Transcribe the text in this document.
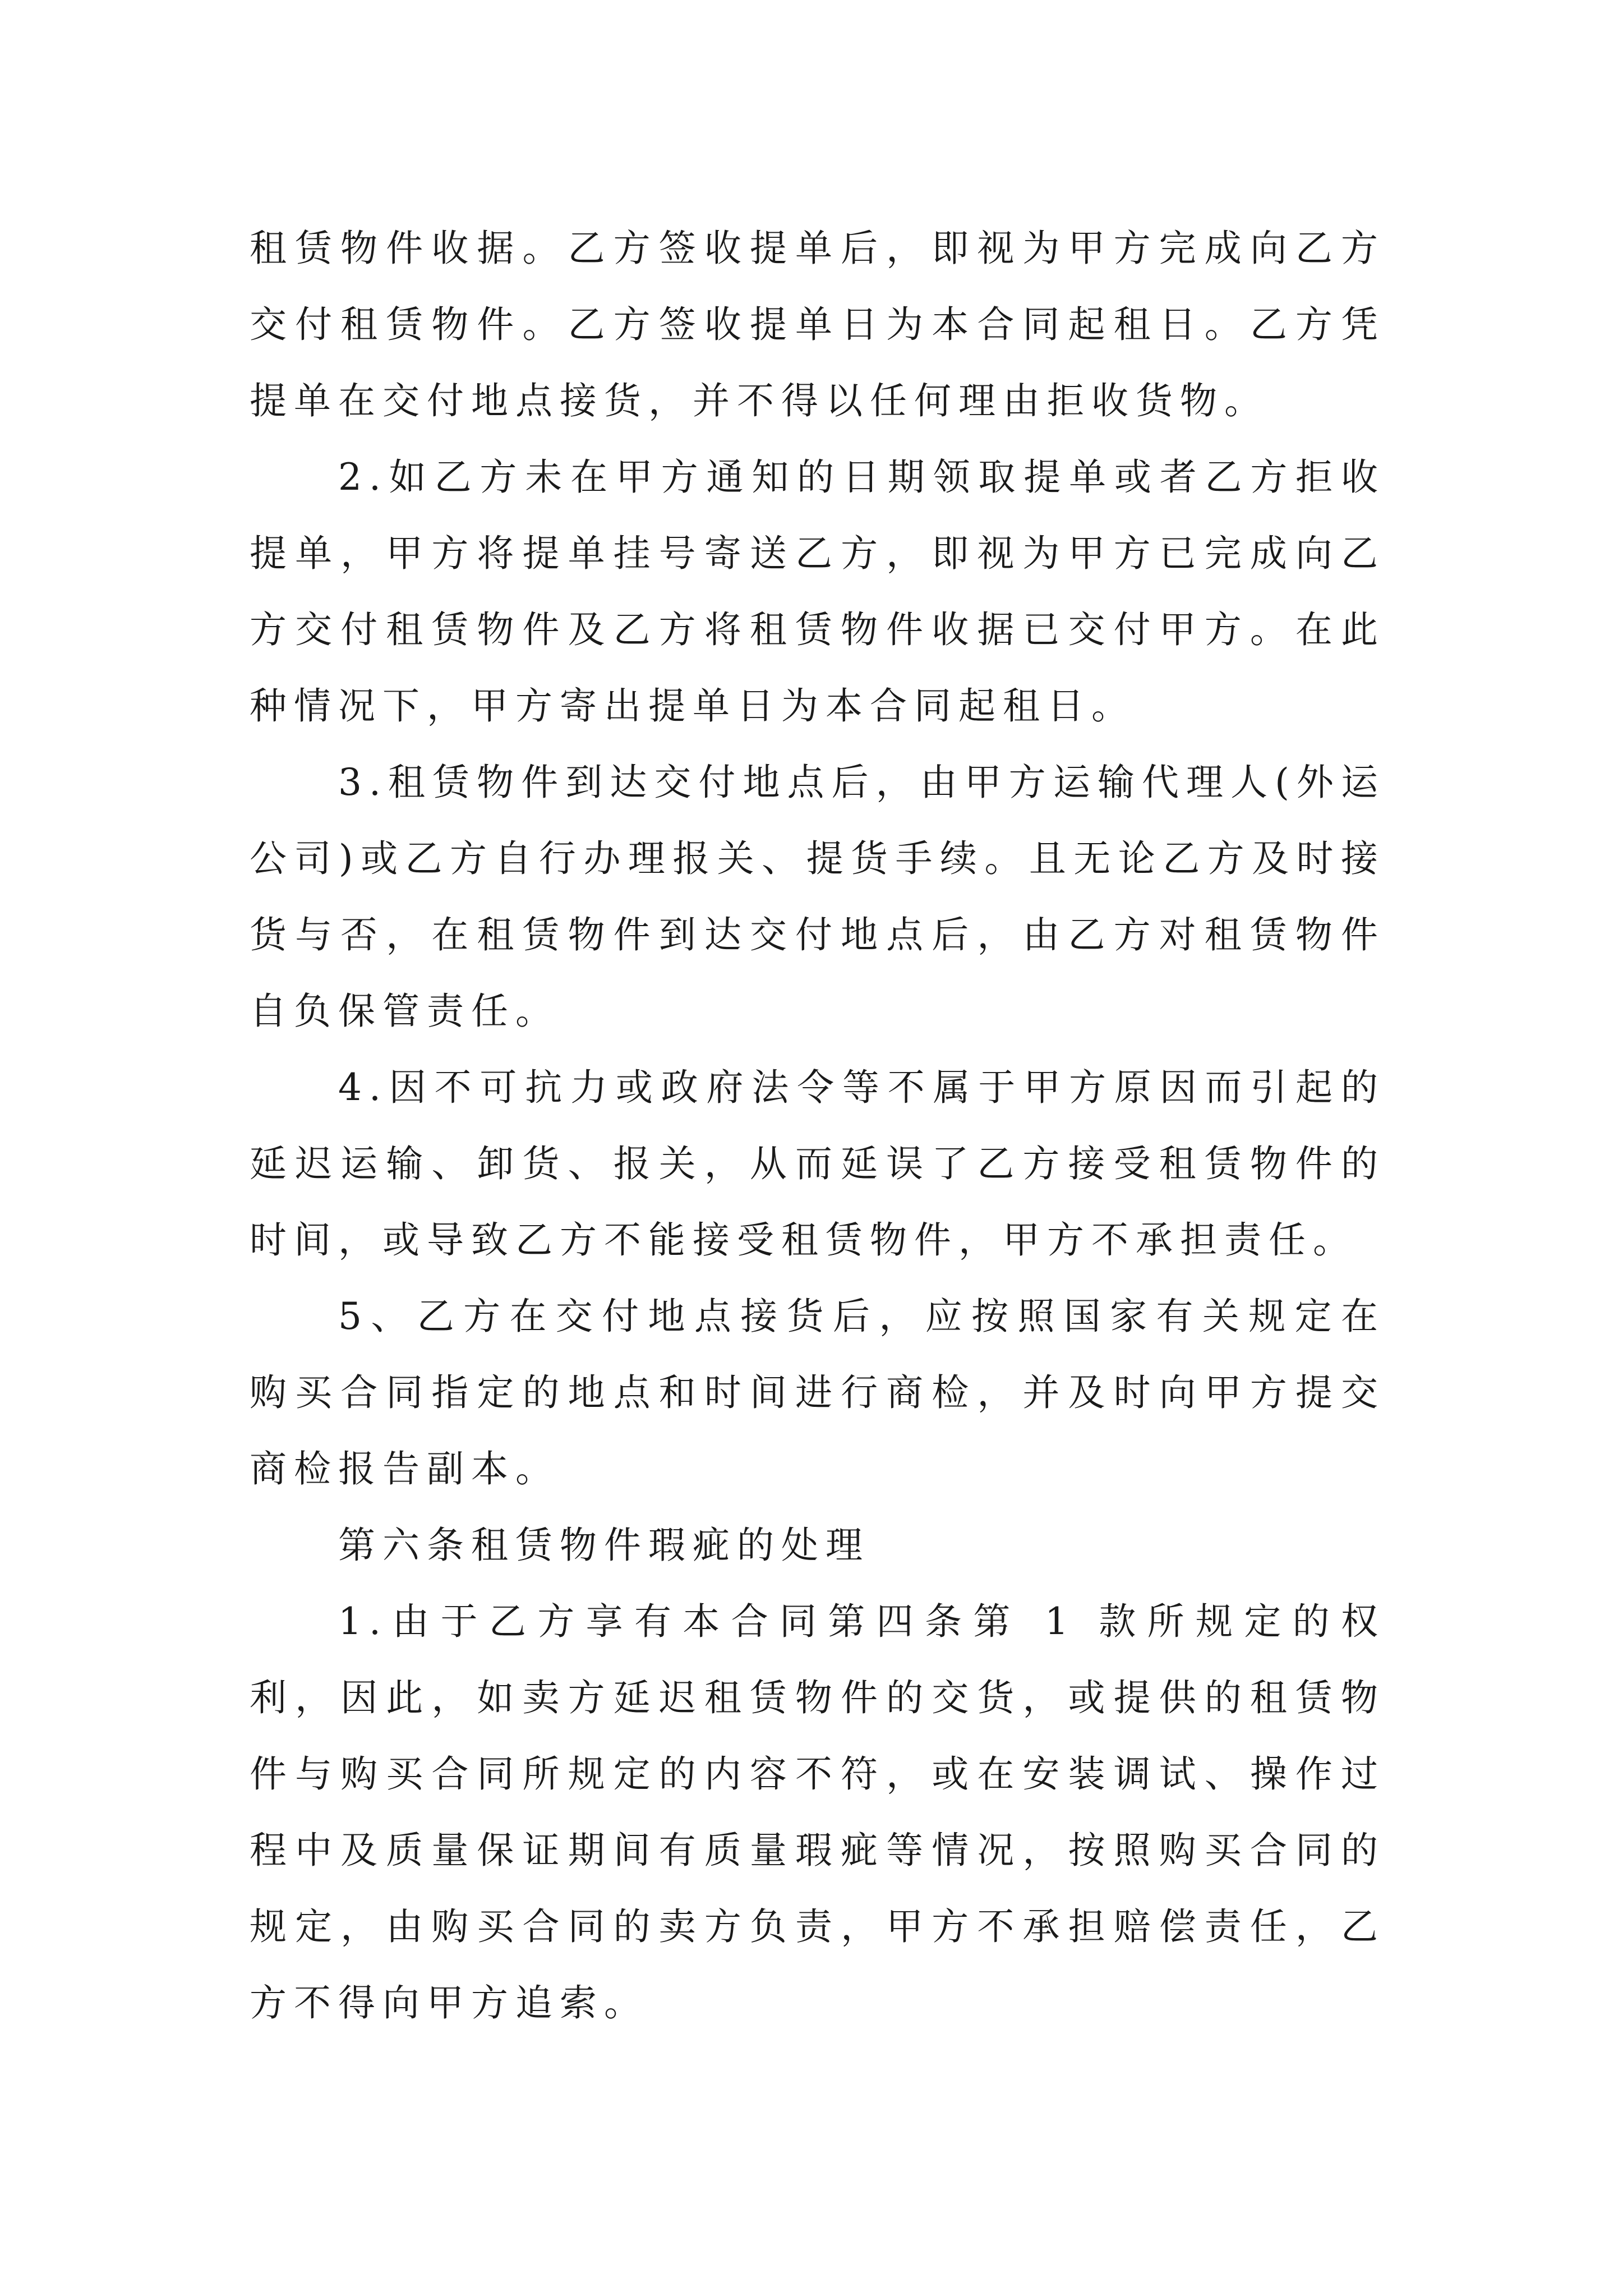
租赁物件收据。乙方签收提单后，即视为甲方完成向乙方交付租赁物件。乙方签收提单日为本合同起租日。乙方凭提单在交付地点接货，并不得以任何理由拒收货物。

2.如乙方未在甲方通知的日期领取提单或者乙方拒收提单，甲方将提单挂号寄送乙方，即视为甲方已完成向乙方交付租赁物件及乙方将租赁物件收据已交付甲方。在此种情况下，甲方寄出提单日为本合同起租日。

3.租赁物件到达交付地点后，由甲方运输代理人(外运公司)或乙方自行办理报关、提货手续。且无论乙方及时接货与否，在租赁物件到达交付地点后，由乙方对租赁物件自负保管责任。

4.因不可抗力或政府法令等不属于甲方原因而引起的延迟运输、卸货、报关，从而延误了乙方接受租赁物件的时间，或导致乙方不能接受租赁物件，甲方不承担责任。

5、乙方在交付地点接货后，应按照国家有关规定在购买合同指定的地点和时间进行商检，并及时向甲方提交商检报告副本。

第六条租赁物件瑕疵的处理

1.由于乙方享有本合同第四条第 1 款所规定的权利，因此，如卖方延迟租赁物件的交货，或提供的租赁物件与购买合同所规定的内容不符，或在安装调试、操作过程中及质量保证期间有质量瑕疵等情况，按照购买合同的规定，由购买合同的卖方负责，甲方不承担赔偿责任，乙方不得向甲方追索。
